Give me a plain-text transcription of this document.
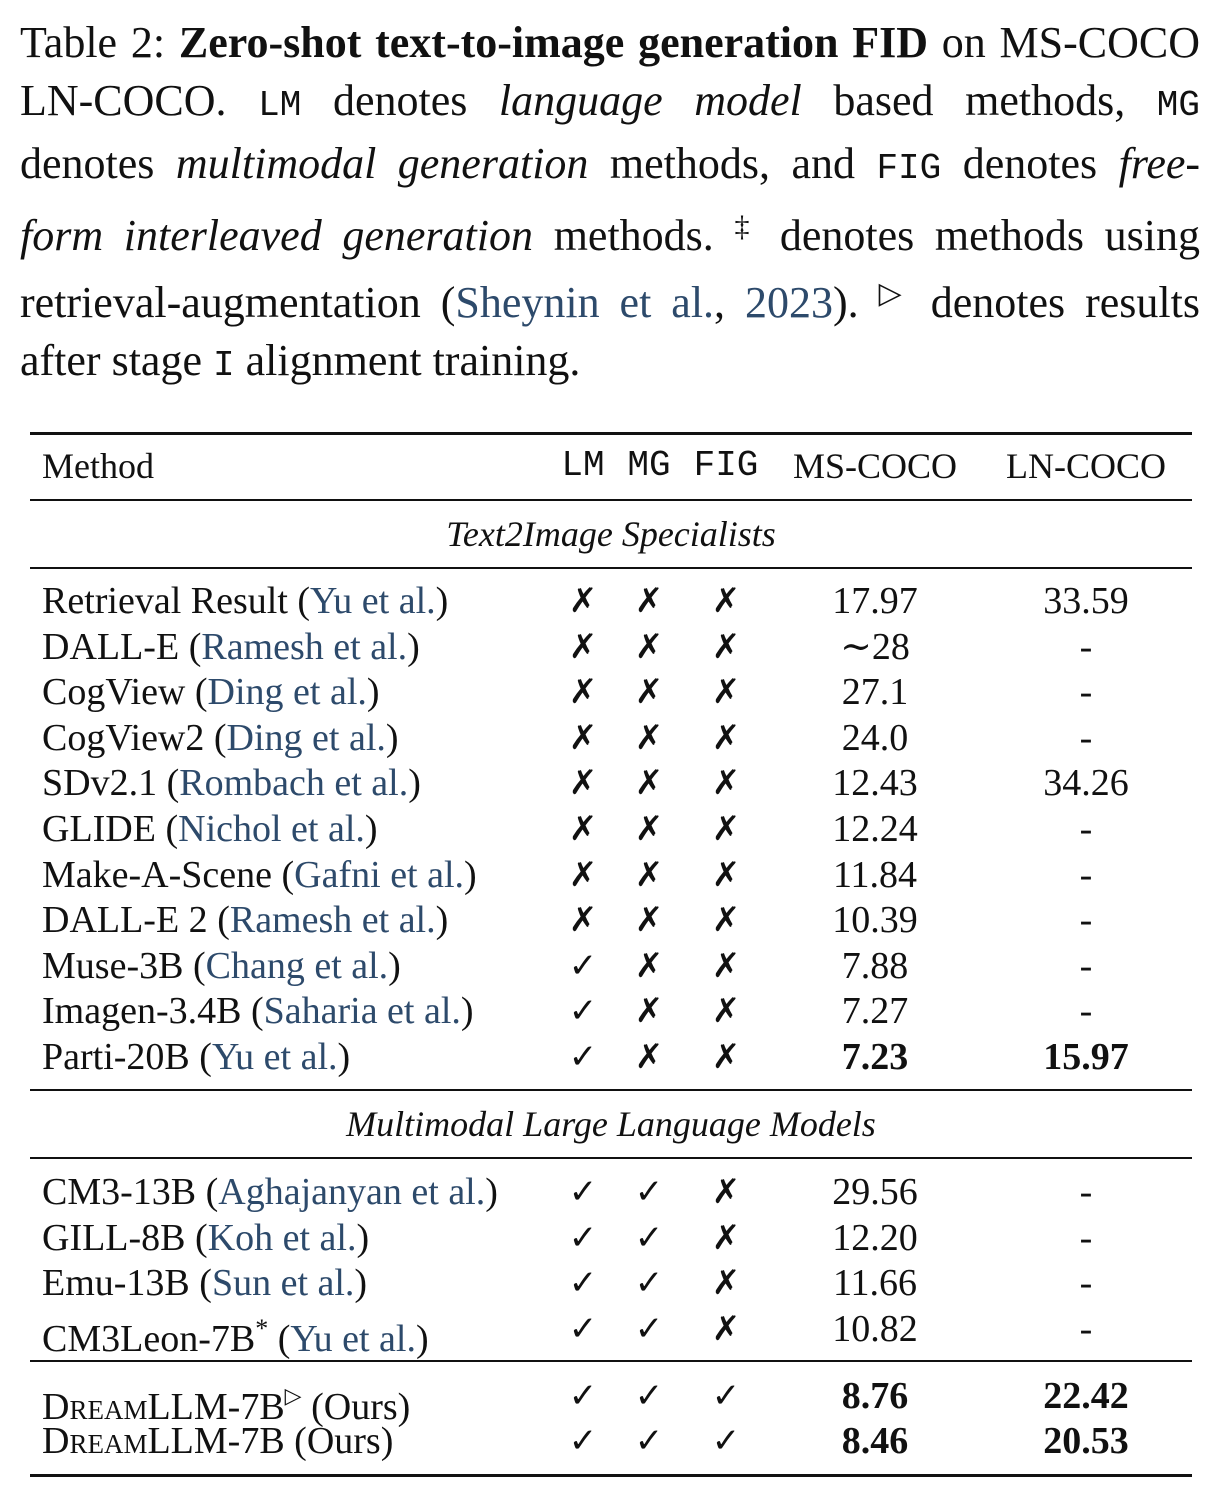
Table 2: Zero-shot text-to-image generation FID on MS-COCO LN-COCO. LM denotes language model based methods, MG denotes multimodal generation methods, and FIG denotes free-form interleaved generation methods. ‡ denotes methods using retrieval-augmentation (Sheynin et al., 2023). ▷ denotes results after stage I alignment training.
Method	LM MG FIG MS-COCO LN-COCO
Text2Image Specialists
Retrieval Result (Yu et al.)	✗ ✗ ✗ 17.97	33.59
DALL-E (Ramesh et al.)	✗ ✗ ✗	∼28	-
CogView (Ding et al.)	✗ ✗ ✗	27.1	-
CogView2 (Ding et al.)	✗ ✗ ✗	24.0	-
SDv2.1 (Rombach et al.)	✗ ✗ ✗ 12.43	34.26
GLIDE (Nichol et al.)	✗ ✗ ✗ 12.24	-
Make-A-Scene (Gafni et al.)	✗ ✗ ✗ 11.84	-
DALL-E 2 (Ramesh et al.)	✗ ✗ ✗ 10.39	-
Muse-3B (Chang et al.)	✓ ✗ ✗	7.88	-
Imagen-3.4B (Saharia et al.)	✓ ✗ ✗	7.27	-
Parti-20B (Yu et al.)	✓ ✗ ✗	7.23	15.97
Multimodal Large Language Models
CM3-13B (Aghajanyan et al.) ✓ ✓ ✗ 29.56	-
GILL-8B (Koh et al.)	✓ ✓ ✗ 12.20	-
Emu-13B (Sun et al.)	✓ ✓ ✗ 11.66	-
CM3Leon-7B* (Yu et al.)	✓ ✓ ✗ 10.82	-
DreamLLM-7B▷ (Ours)	✓ ✓ ✓	8.76	22.42
DreamLLM-7B (Ours)	✓ ✓ ✓	8.46	20.53
